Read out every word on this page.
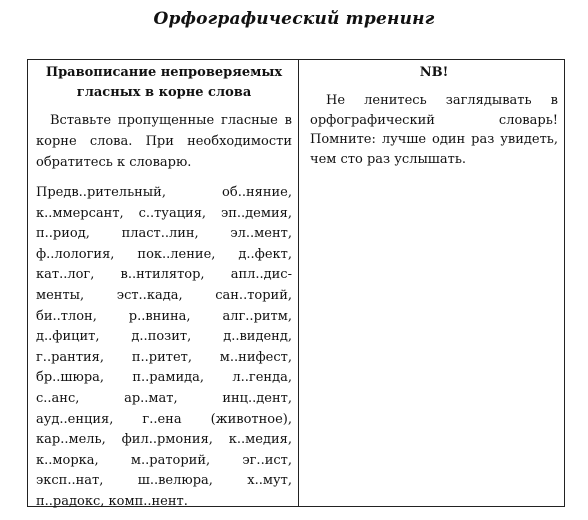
Орфографический тренинг

Правописание непроверяемых
гласных в корне слова

Вставьте пропущенные гласные в корне слова. При необходимости обратитесь к словарю.

Предв..рительный,	об..няние,
к..ммерсант, с..туация, эп..демия,
п..риод, пласт..лин, эл..мент,
ф..лология, пок..ление, д..фект,
кат..лог, в..нтилятор, апл..дис-
менты,	эст..када,	сан..торий,
би..тлон, р..внина, алг..ритм,
д..фицит, д..позит, д..виденд,
г..рантия, п..ритет, м..нифест,
бр..шюра, п..рамида, л..генда,
с..анс,	ар..мат,	инц..дент,
ауд..енция, г..ена (животное),
кар..мель, фил..рмония, к..медия,
к..морка, м..раторий, эг..ист,
эксп..нат,	ш..велюра,	х..мут,
п..радокс, комп..нент.

NB!

Не ленитесь заглядывать в орфографический словарь! Помните: лучше один раз увидеть, чем сто раз услышать.
